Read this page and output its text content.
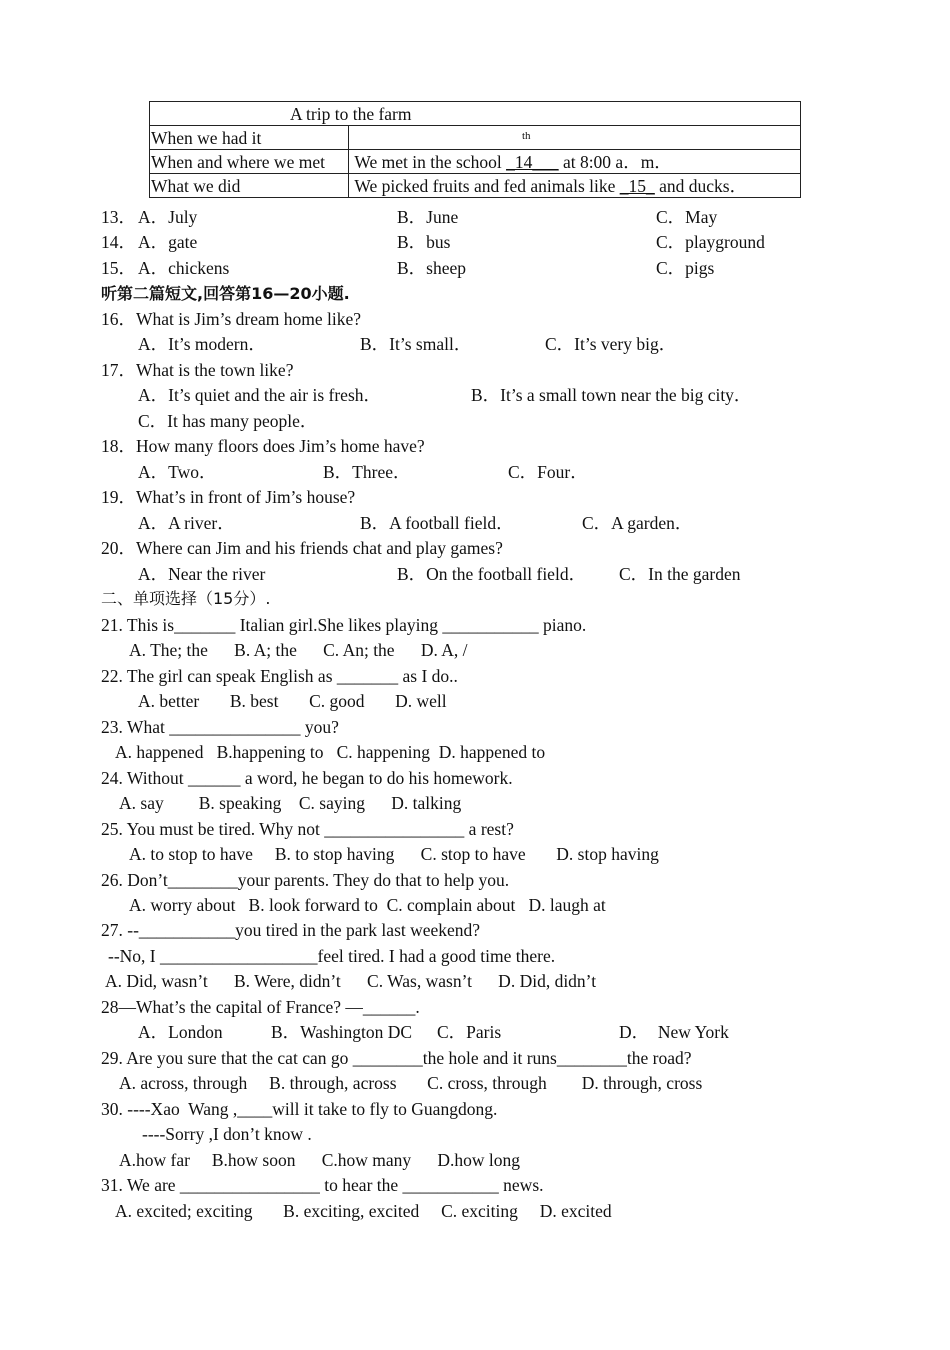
A trip to the farm	
When we had it	$^{th}$
When and where we met	We met in the school _14___ at 8:00 a．m．
What we did	We picked fruits and fed animals like _15_ and ducks．
13． A．July	B．June	C．May
14． A．gate	B．bus	C．playground
15． A．chickens	B．sheep	C．pigs
听第二篇短文,回答第16—20小题.
16．What is Jim’s dream home like?
A．It’s modern．	B．It’s small．	C．It’s very big．
17．What is the town like?
A．It’s quiet and the air is fresh．	B．It’s a small town near the big city．
C．It has many people．
18．How many floors does Jim’s home have?
A．Two．	B．Three．	C．Four．
19．What’s in front of Jim’s house?
A．A river．	B．A football field．	C．A garden．
20．Where can Jim and his friends chat and play games?
A．Near the river	B．On the football field． C．In the garden
二、单项选择（15分）.
21. This is_______ Italian girl.She likes playing ___________ piano.
A. The; the      B. A; the      C. An; the      D. A, /
22. The girl can speak English as _______ as I do..
A. better       B. best       C. good       D. well
23. What _______________ you?
A. happened   B.happening to   C. happening  D. happened to
24. Without ______ a word, he began to do his homework.
A. say        B. speaking    C. saying      D. talking
25. You must be tired. Why not ________________ a rest?
A. to stop to have     B. to stop having      C. stop to have       D. stop having
26. Don’t________your parents. They do that to help you.
A. worry about   B. look forward to  C. complain about   D. laugh at
27. --___________you tired in the park last weekend?
--No, I __________________feel tired. I had a good time there.
A. Did, wasn’t      B. Were, didn’t      C. Was, wasn’t      D. Did, didn’t
28—What’s the capital of France? —______.
A．London	B．Washington DC C．Paris	D．  New York
29. Are you sure that the cat can go ________the hole and it runs________the road?
A. across, through     B. through, across       C. cross, through        D. through, cross
30. ----Xao  Wang ,____will it take to fly to Guangdong.
----Sorry ,I don’t know .
A.how far     B.how soon      C.how many      D.how long
31. We are ________________ to hear the ___________ news.
A. excited; exciting       B. exciting, excited     C. exciting     D. excited
